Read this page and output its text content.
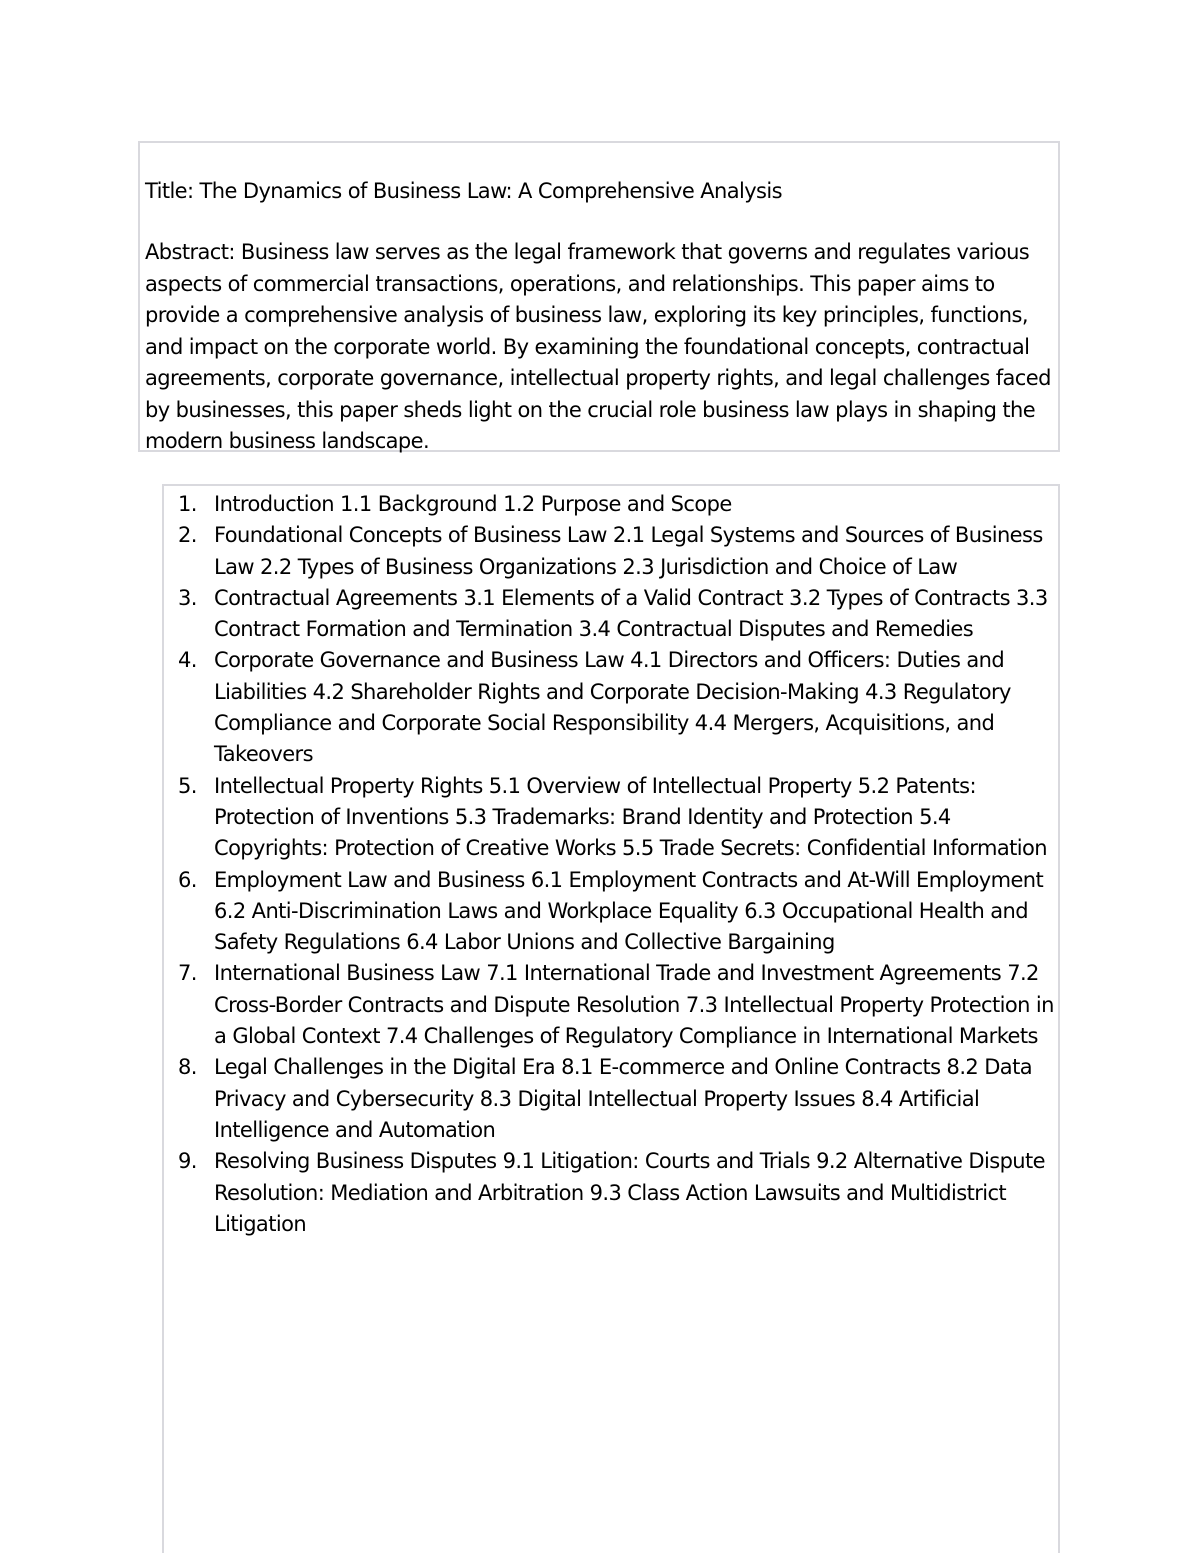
Title: The Dynamics of Business Law: A Comprehensive Analysis

Abstract: Business law serves as the legal framework that governs and regulates various aspects of commercial transactions, operations, and relationships. This paper aims to provide a comprehensive analysis of business law, exploring its key principles, functions, and impact on the corporate world. By examining the foundational concepts, contractual agreements, corporate governance, intellectual property rights, and legal challenges faced by businesses, this paper sheds light on the crucial role business law plays in shaping the modern business landscape.

1. Introduction 1.1 Background 1.2 Purpose and Scope
2. Foundational Concepts of Business Law 2.1 Legal Systems and Sources of Business Law 2.2 Types of Business Organizations 2.3 Jurisdiction and Choice of Law
3. Contractual Agreements 3.1 Elements of a Valid Contract 3.2 Types of Contracts 3.3 Contract Formation and Termination 3.4 Contractual Disputes and Remedies
4. Corporate Governance and Business Law 4.1 Directors and Officers: Duties and Liabilities 4.2 Shareholder Rights and Corporate Decision-Making 4.3 Regulatory Compliance and Corporate Social Responsibility 4.4 Mergers, Acquisitions, and Takeovers
5. Intellectual Property Rights 5.1 Overview of Intellectual Property 5.2 Patents: Protection of Inventions 5.3 Trademarks: Brand Identity and Protection 5.4 Copyrights: Protection of Creative Works 5.5 Trade Secrets: Confidential Information
6. Employment Law and Business 6.1 Employment Contracts and At-Will Employment 6.2 Anti-Discrimination Laws and Workplace Equality 6.3 Occupational Health and Safety Regulations 6.4 Labor Unions and Collective Bargaining
7. International Business Law 7.1 International Trade and Investment Agreements 7.2 Cross-Border Contracts and Dispute Resolution 7.3 Intellectual Property Protection in a Global Context 7.4 Challenges of Regulatory Compliance in International Markets
8. Legal Challenges in the Digital Era 8.1 E-commerce and Online Contracts 8.2 Data Privacy and Cybersecurity 8.3 Digital Intellectual Property Issues 8.4 Artificial Intelligence and Automation
9. Resolving Business Disputes 9.1 Litigation: Courts and Trials 9.2 Alternative Dispute Resolution: Mediation and Arbitration 9.3 Class Action Lawsuits and Multidistrict Litigation
